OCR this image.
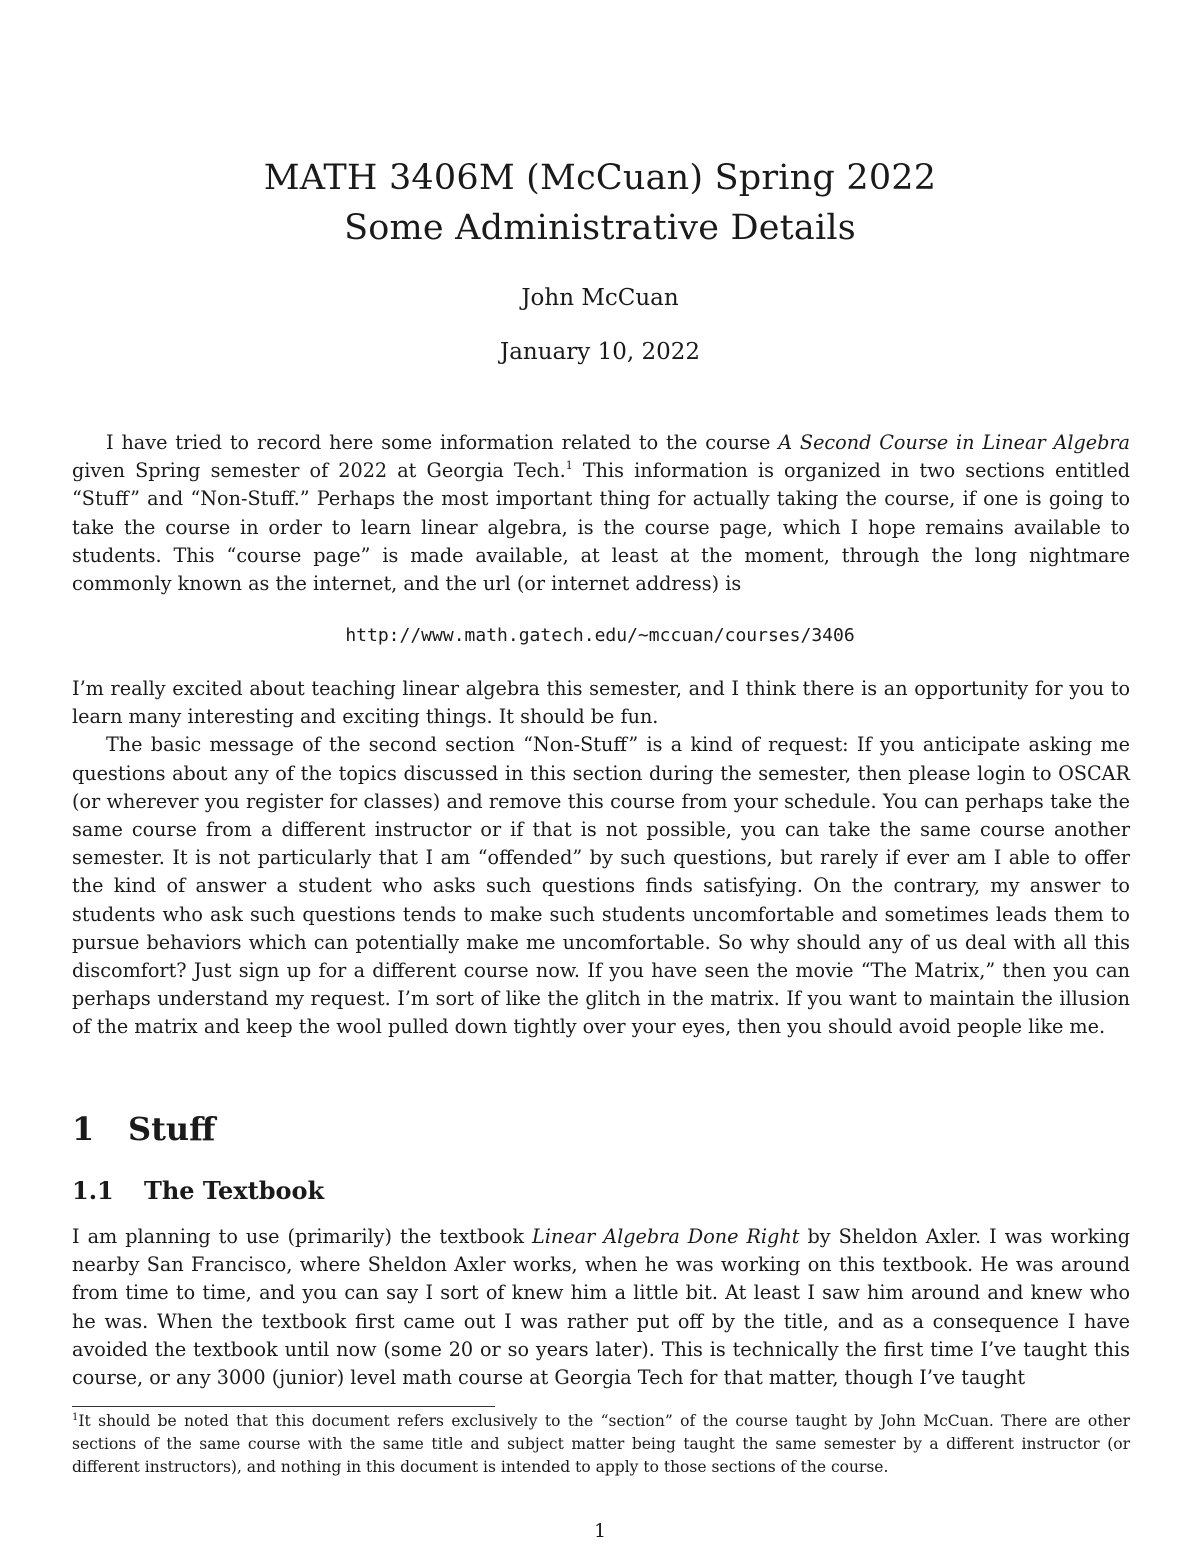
MATH 3406M (McCuan) Spring 2022
Some Administrative Details
John McCuan
January 10, 2022

I have tried to record here some information related to the course A Second Course in Linear Algebra given Spring semester of 2022 at Georgia Tech.$^1$ This information is organized in two sections entitled “Stuff” and “Non-Stuff.” Perhaps the most important thing for actually taking the course, if one is going to take the course in order to learn linear algebra, is the course page, which I hope remains available to students. This “course page” is made available, at least at the moment, through the long nightmare commonly known as the internet, and the url (or internet address) is

http://www.math.gatech.edu/~mccuan/courses/3406

I’m really excited about teaching linear algebra this semester, and I think there is an opportunity for you to learn many interesting and exciting things. It should be fun.

The basic message of the second section “Non-Stuff” is a kind of request: If you anticipate asking me questions about any of the topics discussed in this section during the semester, then please login to OSCAR (or wherever you register for classes) and remove this course from your schedule. You can perhaps take the same course from a different instructor or if that is not possible, you can take the same course another semester. It is not particularly that I am “offended” by such questions, but rarely if ever am I able to offer the kind of answer a student who asks such questions finds satisfying. On the contrary, my answer to students who ask such questions tends to make such students uncomfortable and sometimes leads them to pursue behaviors which can potentially make me uncomfortable. So why should any of us deal with all this discomfort? Just sign up for a different course now. If you have seen the movie “The Matrix,” then you can perhaps understand my request. I’m sort of like the glitch in the matrix. If you want to maintain the illusion of the matrix and keep the wool pulled down tightly over your eyes, then you should avoid people like me.

1 Stuff
1.1 The Textbook

I am planning to use (primarily) the textbook Linear Algebra Done Right by Sheldon Axler. I was working nearby San Francisco, where Sheldon Axler works, when he was working on this textbook. He was around from time to time, and you can say I sort of knew him a little bit. At least I saw him around and knew who he was. When the textbook first came out I was rather put off by the title, and as a consequence I have avoided the textbook until now (some 20 or so years later). This is technically the first time I’ve taught this course, or any 3000 (junior) level math course at Georgia Tech for that matter, though I’ve taught

$^1$It should be noted that this document refers exclusively to the “section” of the course taught by John McCuan. There are other sections of the same course with the same title and subject matter being taught the same semester by a different instructor (or different instructors), and nothing in this document is intended to apply to those sections of the course.
1
